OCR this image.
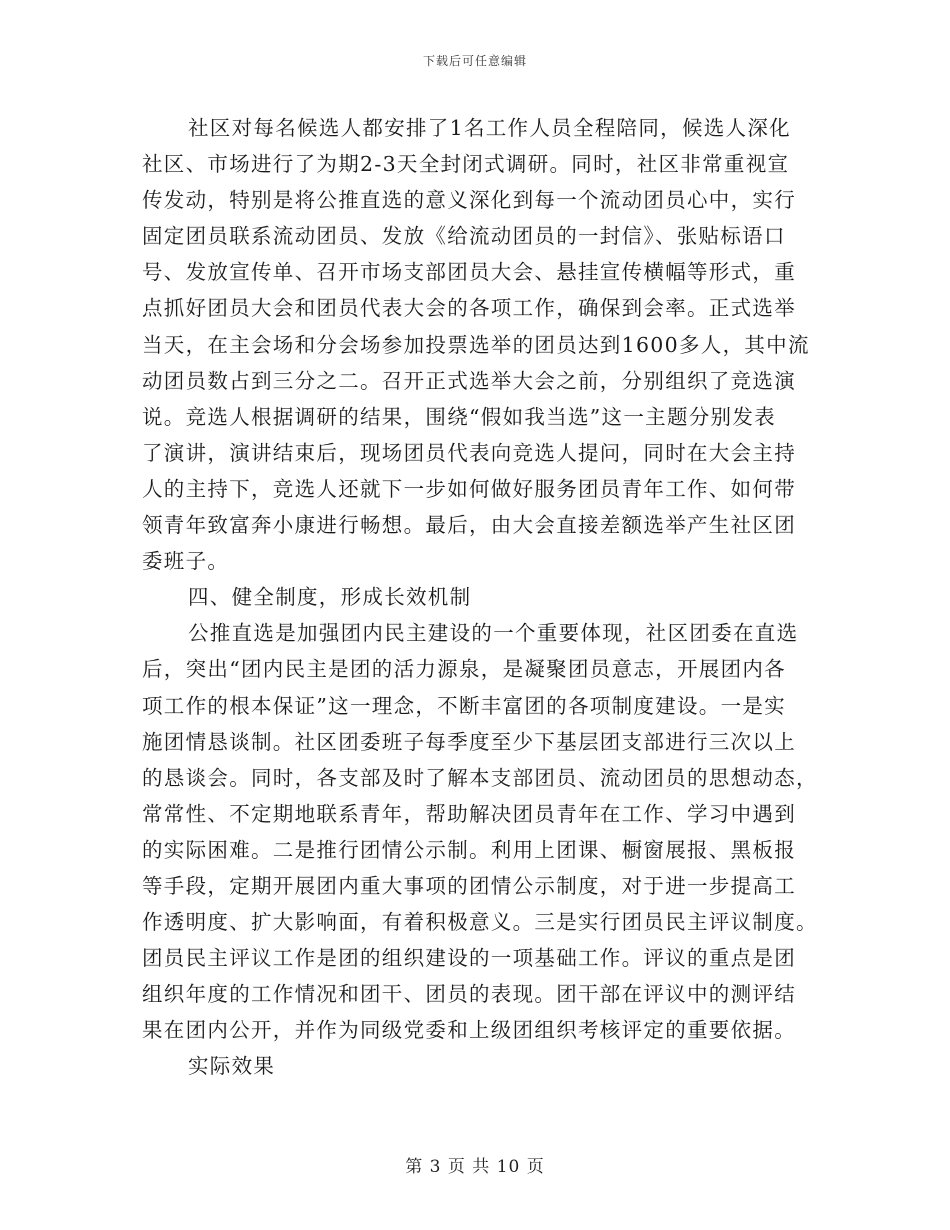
下载后可任意编辑
社区对每名候选人都安排了1名工作人员全程陪同，候选人深化
社区、市场进行了为期2-3天全封闭式调研。同时，社区非常重视宣
传发动，特别是将公推直选的意义深化到每一个流动团员心中，实行
固定团员联系流动团员、发放《给流动团员的一封信》、张贴标语口
号、发放宣传单、召开市场支部团员大会、悬挂宣传横幅等形式，重
点抓好团员大会和团员代表大会的各项工作，确保到会率。正式选举
当天，在主会场和分会场参加投票选举的团员达到1600多人，其中流
动团员数占到三分之二。召开正式选举大会之前，分别组织了竞选演
说。竞选人根据调研的结果，围绕“假如我当选”这一主题分别发表
了演讲，演讲结束后，现场团员代表向竞选人提问，同时在大会主持
人的主持下，竞选人还就下一步如何做好服务团员青年工作、如何带
领青年致富奔小康进行畅想。最后，由大会直接差额选举产生社区团
委班子。
四、健全制度，形成长效机制
公推直选是加强团内民主建设的一个重要体现，社区团委在直选
后，突出“团内民主是团的活力源泉，是凝聚团员意志，开展团内各
项工作的根本保证”这一理念，不断丰富团的各项制度建设。一是实
施团情恳谈制。社区团委班子每季度至少下基层团支部进行三次以上
的恳谈会。同时，各支部及时了解本支部团员、流动团员的思想动态，
常常性、不定期地联系青年，帮助解决团员青年在工作、学习中遇到
的实际困难。二是推行团情公示制。利用上团课、橱窗展报、黑板报
等手段，定期开展团内重大事项的团情公示制度，对于进一步提高工
作透明度、扩大影响面，有着积极意义。三是实行团员民主评议制度。
团员民主评议工作是团的组织建设的一项基础工作。评议的重点是团
组织年度的工作情况和团干、团员的表现。团干部在评议中的测评结
果在团内公开，并作为同级党委和上级团组织考核评定的重要依据。
实际效果
第 3 页 共 10 页
